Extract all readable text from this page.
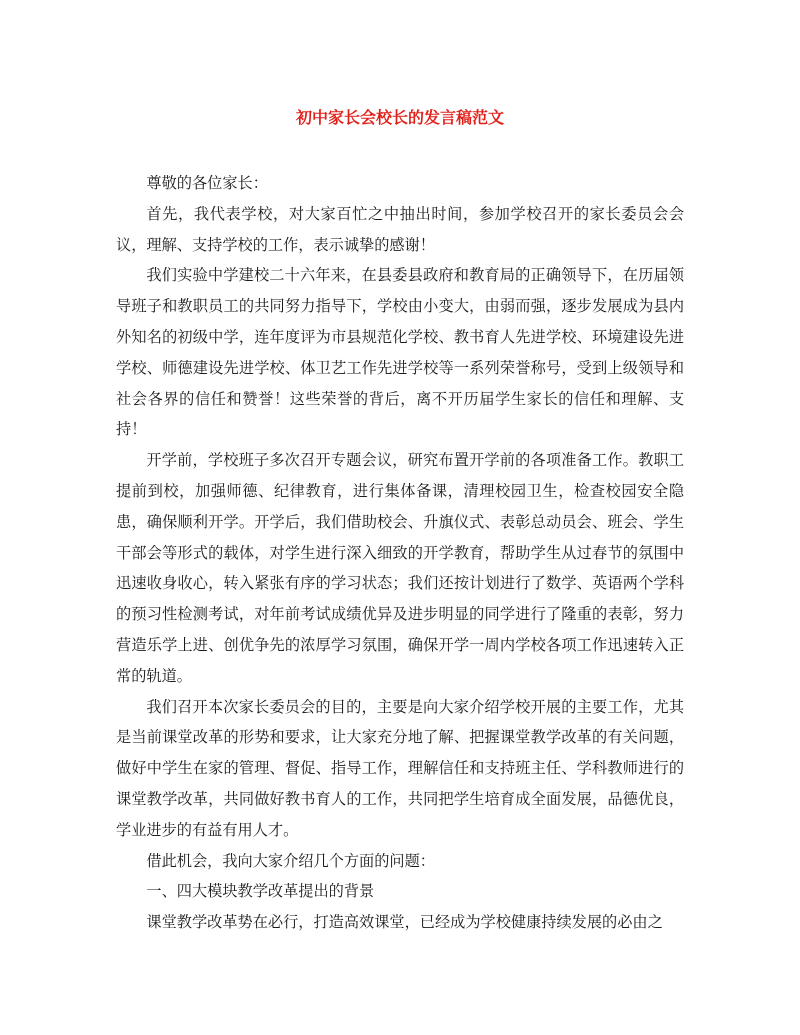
初中家长会校长的发言稿范文

尊敬的各位家长：

首先，我代表学校，对大家百忙之中抽出时间，参加学校召开的家长委员会会议，理解、支持学校的工作，表示诚挚的感谢！

我们实验中学建校二十六年来，在县委县政府和教育局的正确领导下，在历届领导班子和教职员工的共同努力指导下，学校由小变大，由弱而强，逐步发展成为县内外知名的初级中学，连年度评为市县规范化学校、教书育人先进学校、环境建设先进学校、师德建设先进学校、体卫艺工作先进学校等一系列荣誉称号，受到上级领导和社会各界的信任和赞誉！这些荣誉的背后，离不开历届学生家长的信任和理解、支持！

开学前，学校班子多次召开专题会议，研究布置开学前的各项准备工作。教职工提前到校，加强师德、纪律教育，进行集体备课，清理校园卫生，检查校园安全隐患，确保顺利开学。开学后，我们借助校会、升旗仪式、表彰总动员会、班会、学生干部会等形式的载体，对学生进行深入细致的开学教育，帮助学生从过春节的氛围中迅速收身收心，转入紧张有序的学习状态；我们还按计划进行了数学、英语两个学科的预习性检测考试，对年前考试成绩优异及进步明显的同学进行了隆重的表彰，努力营造乐学上进、创优争先的浓厚学习氛围，确保开学一周内学校各项工作迅速转入正常的轨道。

我们召开本次家长委员会的目的，主要是向大家介绍学校开展的主要工作，尤其是当前课堂改革的形势和要求，让大家充分地了解、把握课堂教学改革的有关问题，做好中学生在家的管理、督促、指导工作，理解信任和支持班主任、学科教师进行的课堂教学改革，共同做好教书育人的工作，共同把学生培育成全面发展，品德优良，学业进步的有益有用人才。

借此机会，我向大家介绍几个方面的问题：

一、四大模块教学改革提出的背景

课堂教学改革势在必行，打造高效课堂，已经成为学校健康持续发展的必由之
